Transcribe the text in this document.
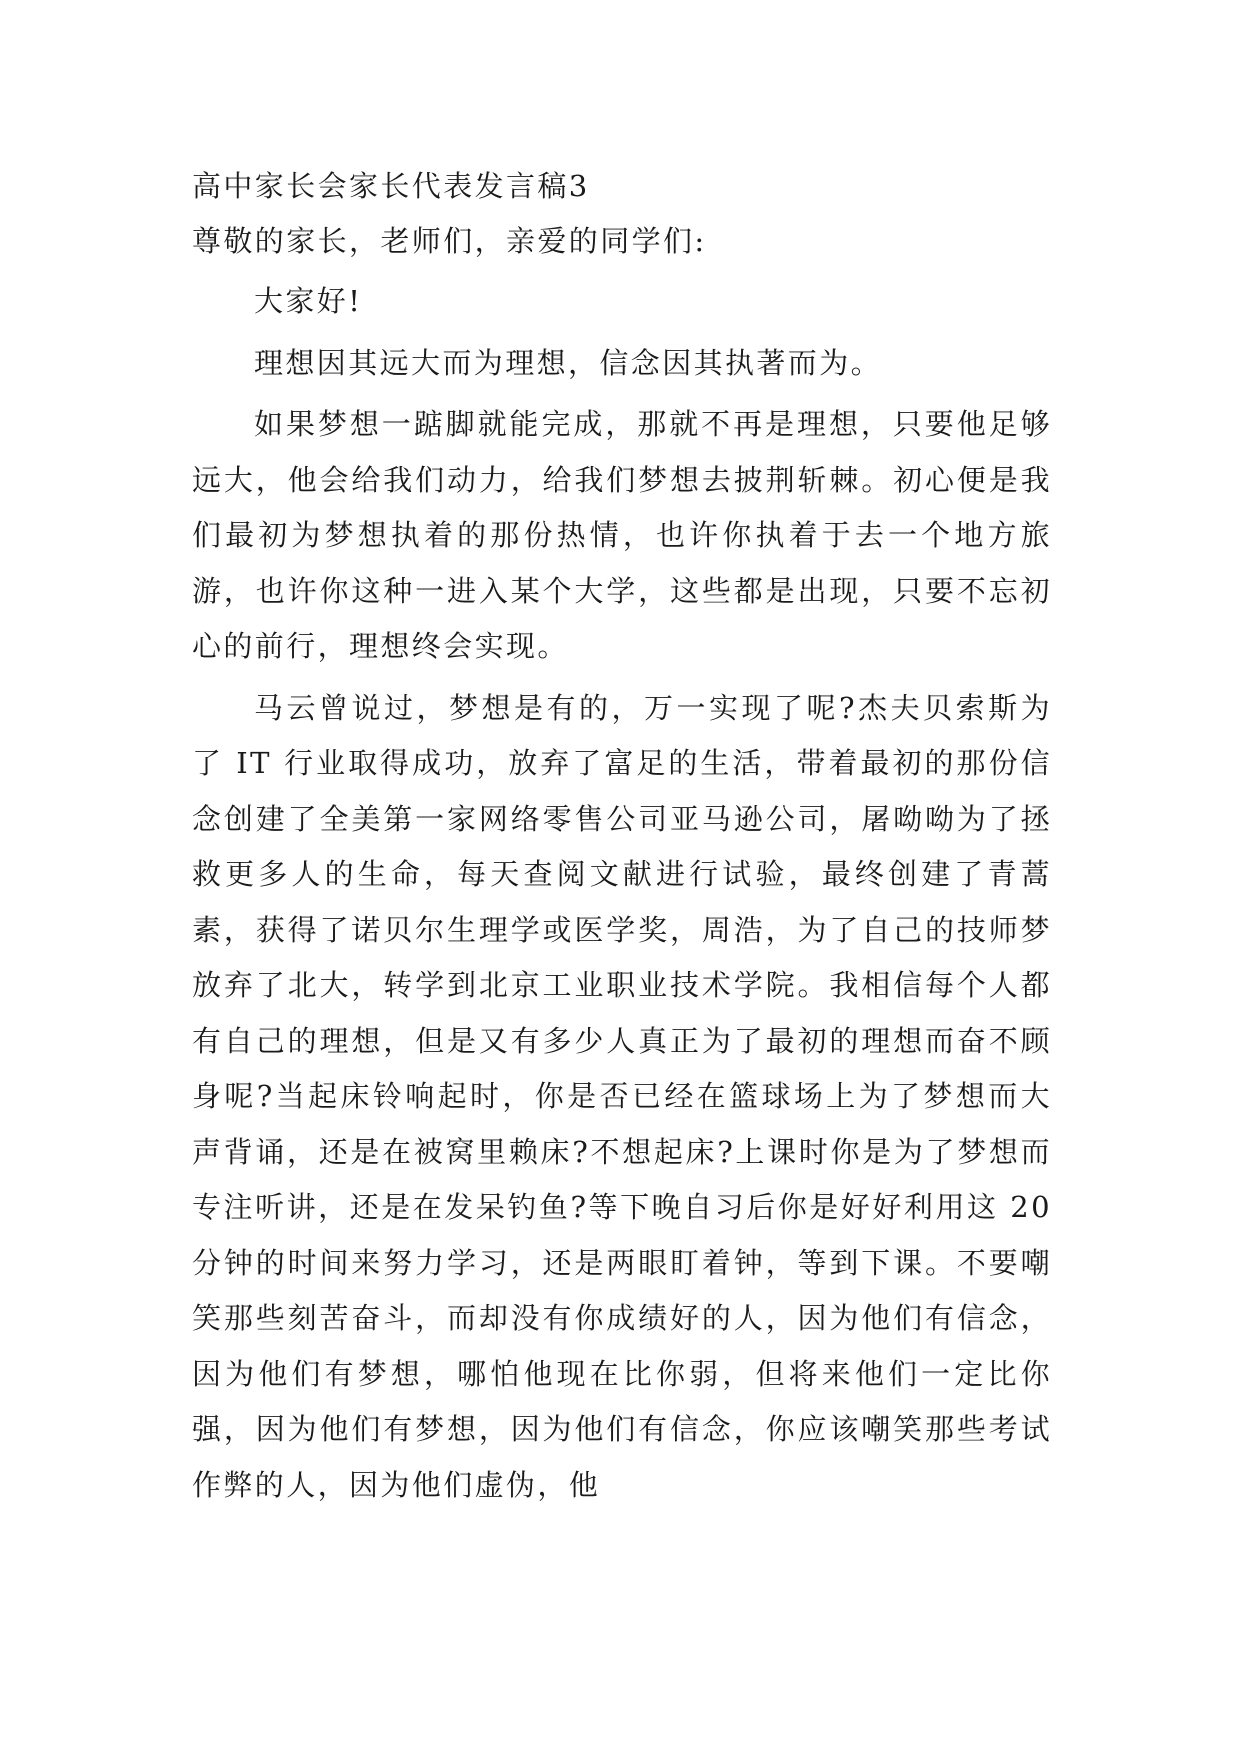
高中家长会家长代表发言稿3

尊敬的家长，老师们，亲爱的同学们:

大家好!

理想因其远大而为理想，信念因其执著而为。

如果梦想一踮脚就能完成，那就不再是理想，只要他足够远大，他会给我们动力，给我们梦想去披荆斩棘。初心便是我们最初为梦想执着的那份热情，也许你执着于去一个地方旅游，也许你这种一进入某个大学，这些都是出现，只要不忘初心的前行，理想终会实现。

马云曾说过，梦想是有的，万一实现了呢?杰夫贝索斯为了 IT 行业取得成功，放弃了富足的生活，带着最初的那份信念创建了全美第一家网络零售公司亚马逊公司，屠呦呦为了拯救更多人的生命，每天查阅文献进行试验，最终创建了青蒿素，获得了诺贝尔生理学或医学奖，周浩，为了自己的技师梦放弃了北大，转学到北京工业职业技术学院。我相信每个人都有自己的理想，但是又有多少人真正为了最初的理想而奋不顾身呢?当起床铃响起时，你是否已经在篮球场上为了梦想而大声背诵，还是在被窝里赖床?不想起床?上课时你是为了梦想而专注听讲，还是在发呆钓鱼?等下晚自习后你是好好利用这 20 分钟的时间来努力学习，还是两眼盯着钟，等到下课。不要嘲笑那些刻苦奋斗，而却没有你成绩好的人，因为他们有信念，因为他们有梦想，哪怕他现在比你弱，但将来他们一定比你强，因为他们有梦想，因为他们有信念，你应该嘲笑那些考试作弊的人，因为他们虚伪，他
